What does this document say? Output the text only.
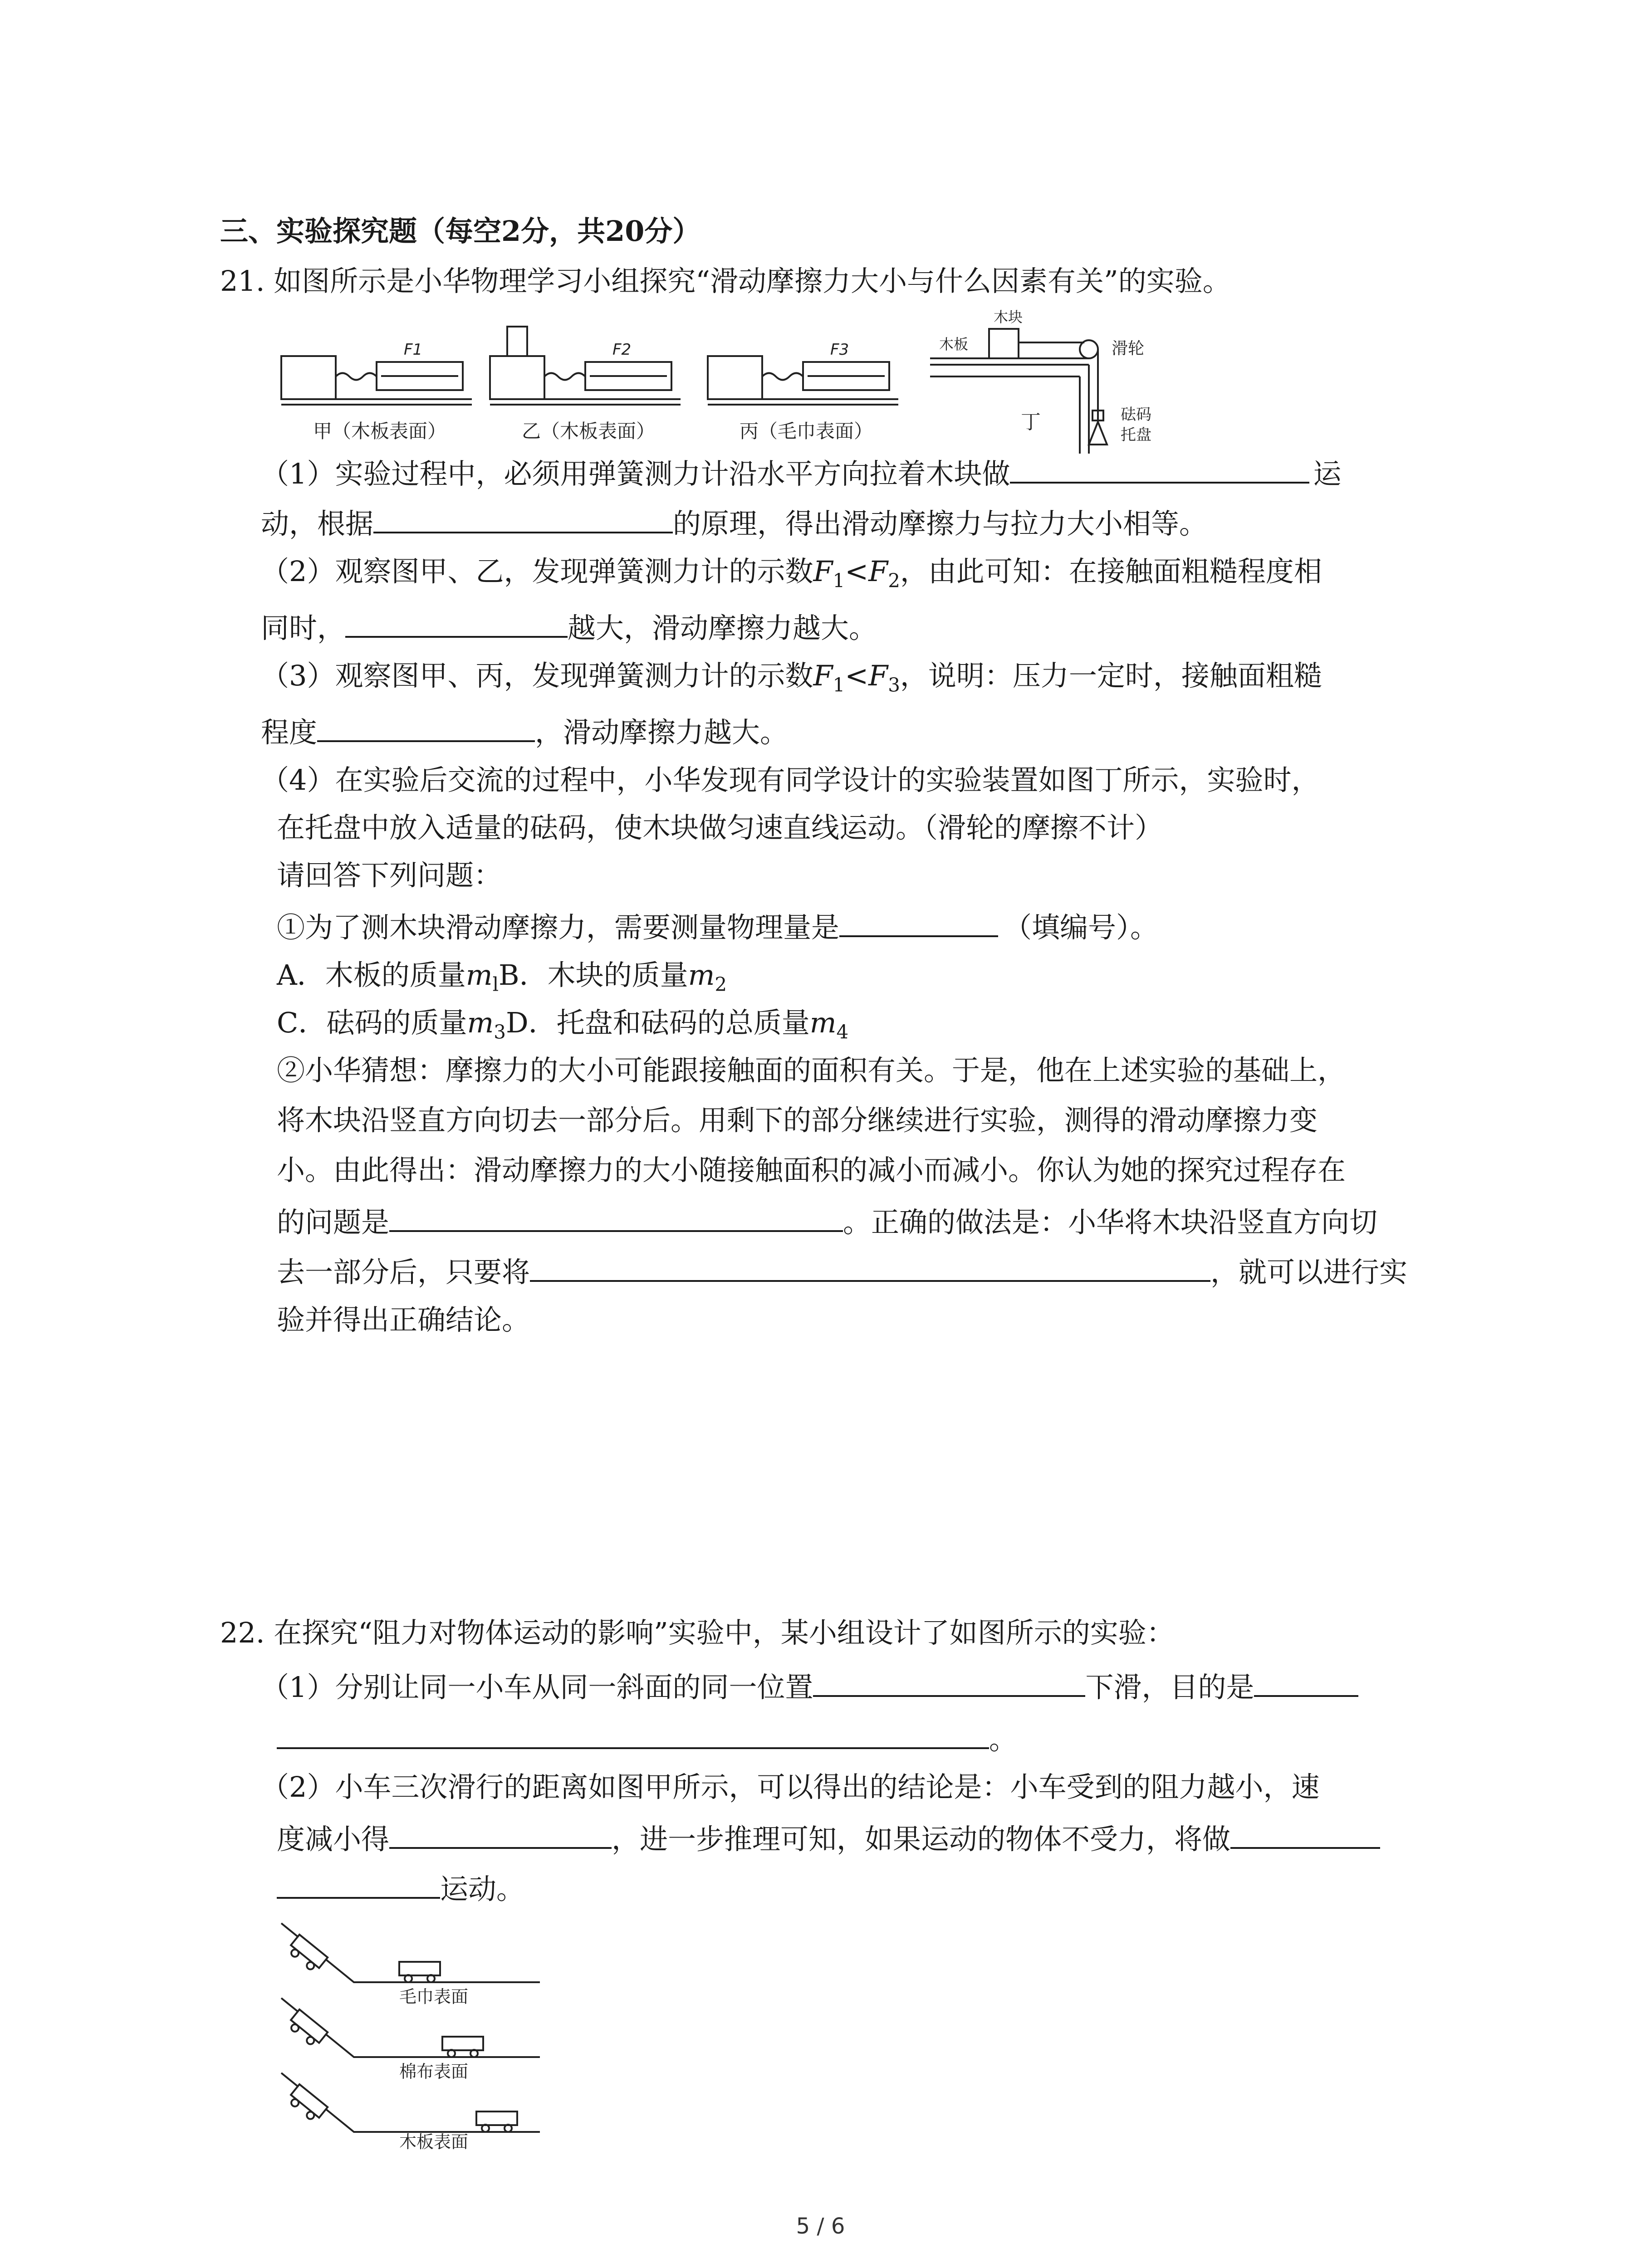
三、实验探究题（每空2分，共20分）
21. 如图所示是小华物理学习小组探究“滑动摩擦力大小与什么因素有关”的实验。
F1	F2	F3
甲（木板表面）	乙（木板表面）	丙（毛巾表面）	丁
木块
木板	滑轮
砝码
托盘
（1）实验过程中，必须用弹簧测力计沿水平方向拉着木块做	运
动，根据	的原理，得出滑动摩擦力与拉力大小相等。
（2）观察图甲、乙，发现弹簧测力计的示数$F_1<F_2$，由此可知：在接触面粗糙程度相
同时，	越大，滑动摩擦力越大。
（3）观察图甲、丙，发现弹簧测力计的示数$F_1<F_3$，说明：压力一定时，接触面粗糙
程度	，滑动摩擦力越大。
（4）在实验后交流的过程中，小华发现有同学设计的实验装置如图丁所示，实验时，
在托盘中放入适量的砝码，使木块做匀速直线运动。（滑轮的摩擦不计）
请回答下列问题：
①为了测木块滑动摩擦力，需要测量物理量是	（填编号）。
A．木板的质量$m_lB$．木块的质量$m_2$
C．砝码的质量$m_3D$．托盘和砝码的总质量$m_4$
②小华猜想：摩擦力的大小可能跟接触面的面积有关。于是，他在上述实验的基础上，
将木块沿竖直方向切去一部分后。用剩下的部分继续进行实验，测得的滑动摩擦力变
小。由此得出：滑动摩擦力的大小随接触面积的减小而减小。你认为她的探究过程存在
的问题是	。正确的做法是：小华将木块沿竖直方向切
去一部分后，只要将	，就可以进行实
验并得出正确结论。
22. 在探究“阻力对物体运动的影响”实验中，某小组设计了如图所示的实验：
（1）分别让同一小车从同一斜面的同一位置	下滑，目的是
。
（2）小车三次滑行的距离如图甲所示，可以得出的结论是：小车受到的阻力越小，速
度减小得	，进一步推理可知，如果运动的物体不受力，将做
运动。
毛巾表面
棉布表面
木板表面
5 / 6
